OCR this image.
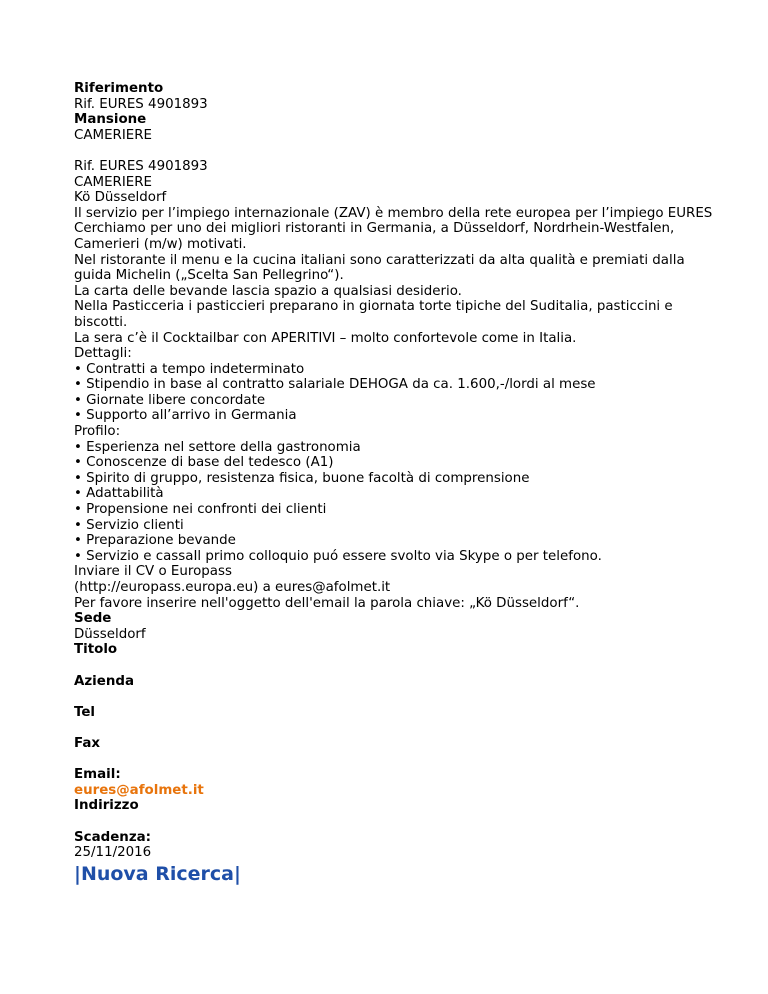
Riferimento
Rif. EURES 4901893
Mansione
CAMERIERE
Rif. EURES 4901893
CAMERIERE
Kö Düsseldorf
Il servizio per l’impiego internazionale (ZAV) è membro della rete europea per l’impiego EURES
Cerchiamo per uno dei migliori ristoranti in Germania, a Düsseldorf, Nordrhein-Westfalen, Camerieri (m/w) motivati.
Nel ristorante il menu e la cucina italiani sono caratterizzati da alta qualità e premiati dalla guida Michelin („Scelta San Pellegrino“).
La carta delle bevande lascia spazio a qualsiasi desiderio.
Nella Pasticceria i pasticcieri preparano in giornata torte tipiche del Suditalia, pasticcini e biscotti.
La sera c’è il Cocktailbar con APERITIVI – molto confortevole come in Italia.
Dettagli:
• Contratti a tempo indeterminato
• Stipendio in base al contratto salariale DEHOGA da ca. 1.600,-/lordi al mese
• Giornate libere concordate
• Supporto all’arrivo in Germania
Profilo:
• Esperienza nel settore della gastronomia
• Conoscenze di base del tedesco (A1)
• Spirito di gruppo, resistenza fisica, buone facoltà di comprensione
• Adattabilità
• Propensione nei confronti dei clienti
• Servizio clienti
• Preparazione bevande
• Servizio e cassaIl primo colloquio puó essere svolto via Skype o per telefono.
Inviare il CV o Europass
(http://europass.europa.eu) a eures@afolmet.it
Per favore inserire nell'oggetto dell'email la parola chiave: „Kö Düsseldorf“.
Sede
Düsseldorf
Titolo
Azienda
Tel
Fax
Email:
eures@afolmet.it
Indirizzo
Scadenza:
25/11/2016
|Nuova Ricerca|
